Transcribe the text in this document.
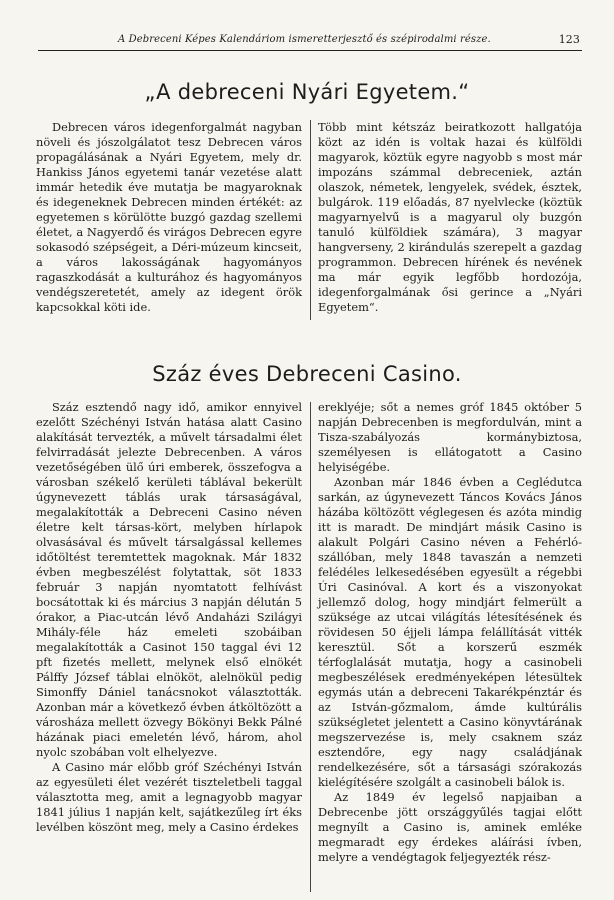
A Debreceni Képes Kalendáriom ismeretterjesztő és szépirodalmi része.	123
„A debreceni Nyári Egyetem.“

Debrecen város idegenforgalmát nagyban növeli és jószolgálatot tesz Debrecen város propagálásának a Nyári Egyetem, mely dr. Hankiss János egyetemi tanár vezetése alatt immár hetedik éve mutatja be magyaroknak és idegeneknek Debrecen minden értékét: az egyetemen s körülötte buzgó gazdag szellemi életet, a Nagyerdő és virágos Debrecen egyre sokasodó szépségeit, a Déri-múzeum kincseit, a város lakosságának hagyományos ragaszkodását a kulturához és hagyományos vendégszeretetét, amely az idegent örök kapcsokkal köti ide.

Több mint kétszáz beiratkozott hallgatója közt az idén is voltak hazai és külföldi magyarok, köztük egyre nagyobb s most már impozáns számmal debreceniek, aztán olaszok, németek, lengyelek, svédek, észtek, bulgárok. 119 előadás, 87 nyelvlecke (köztük magyarnyelvű is a magyarul oly buzgón tanuló külföldiek számára), 3 magyar hangverseny, 2 kirándulás szerepelt a gazdag programmon. Debrecen hírének és nevének ma már egyik legfőbb hordozója, idegenforgalmának ősi gerince a „Nyári Egyetem“.

Száz éves Debreceni Casino.

Száz esztendő nagy idő, amikor ennyivel ezelőtt Széchényi István hatása alatt Casino alakítását tervezték, a művelt társadalmi élet felvirradását jelezte Debrecenben. A város vezetőségében ülő úri emberek, összefogva a városban székelő kerületi táblával bekerült úgynevezett táblás urak társaságával, megalakították a Debreceni Casino néven életre kelt társas-kört, melyben hírlapok olvasásával és művelt társalgással kellemes időtöltést teremtettek magoknak. Már 1832 évben megbeszélést folytattak, söt 1833 február 3 napján nyomtatott felhívást bocsátottak ki és március 3 napján délután 5 órakor, a Piac-utcán lévő Andaházi Szilágyi Mihály-féle ház emeleti szobáiban megalakították a Casinot 150 taggal évi 12 pft fizetés mellett, melynek első elnökét Pálffy József táblai elnököt, alelnökül pedig Simonffy Dániel tanácsnokot választották. Azonban már a következő évben átköltözött a városháza mellett özvegy Bökönyi Bekk Pálné házának piaci emeletén lévő, három, ahol nyolc szobában volt elhelyezve.

A Casino már előbb gróf Széchényi István az egyesületi élet vezérét tiszteletbeli taggal választotta meg, amit a legnagyobb magyar 1841 július 1 napján kelt, sajátkezűleg írt éks levélben köszönt meg, mely a Casino érdekes

ereklyéje; sőt a nemes gróf 1845 október 5 napján Debrecenben is megfordulván, mint a Tisza-szabályozás kormánybiztosa, személyesen is ellátogatott a Casino helyiségébe.

Azonban már 1846 évben a Ceglédutca sarkán, az úgynevezett Táncos Kovács János házába költözött véglegesen és azóta mindig itt is maradt. De mindjárt másik Casino is alakult Polgári Casino néven a Fehérló-szállóban, mely 1848 tavaszán a nemzeti felédéles lelkesedésében egyesült a régebbi Úri Casinóval. A kort és a viszonyokat jellemző dolog, hogy mindjárt felmerült a szüksége az utcai világítás létesítésének és rövidesen 50 éjjeli lámpa felállítását vitték keresztül. Sőt a korszerű eszmék térfoglalását mutatja, hogy a casinobeli megbeszélések eredményeképen létesültek egymás után a debreceni Takarékpénztár és az István-gőzmalom, ámde kultúrális szükségletet jelentett a Casino könyvtárának megszervezése is, mely csaknem száz esztendőre, egy nagy családjának rendelkezésére, sőt a társasági szórakozás kielégítésére szolgált a casinobeli bálok is.

Az 1849 év legelső napjaiban a Debrecenbe jött országgyűlés tagjai előtt megnyílt a Casino is, aminek emléke megmaradt egy érdekes aláírási ívben, melyre a vendégtagok feljegyezték rész-
